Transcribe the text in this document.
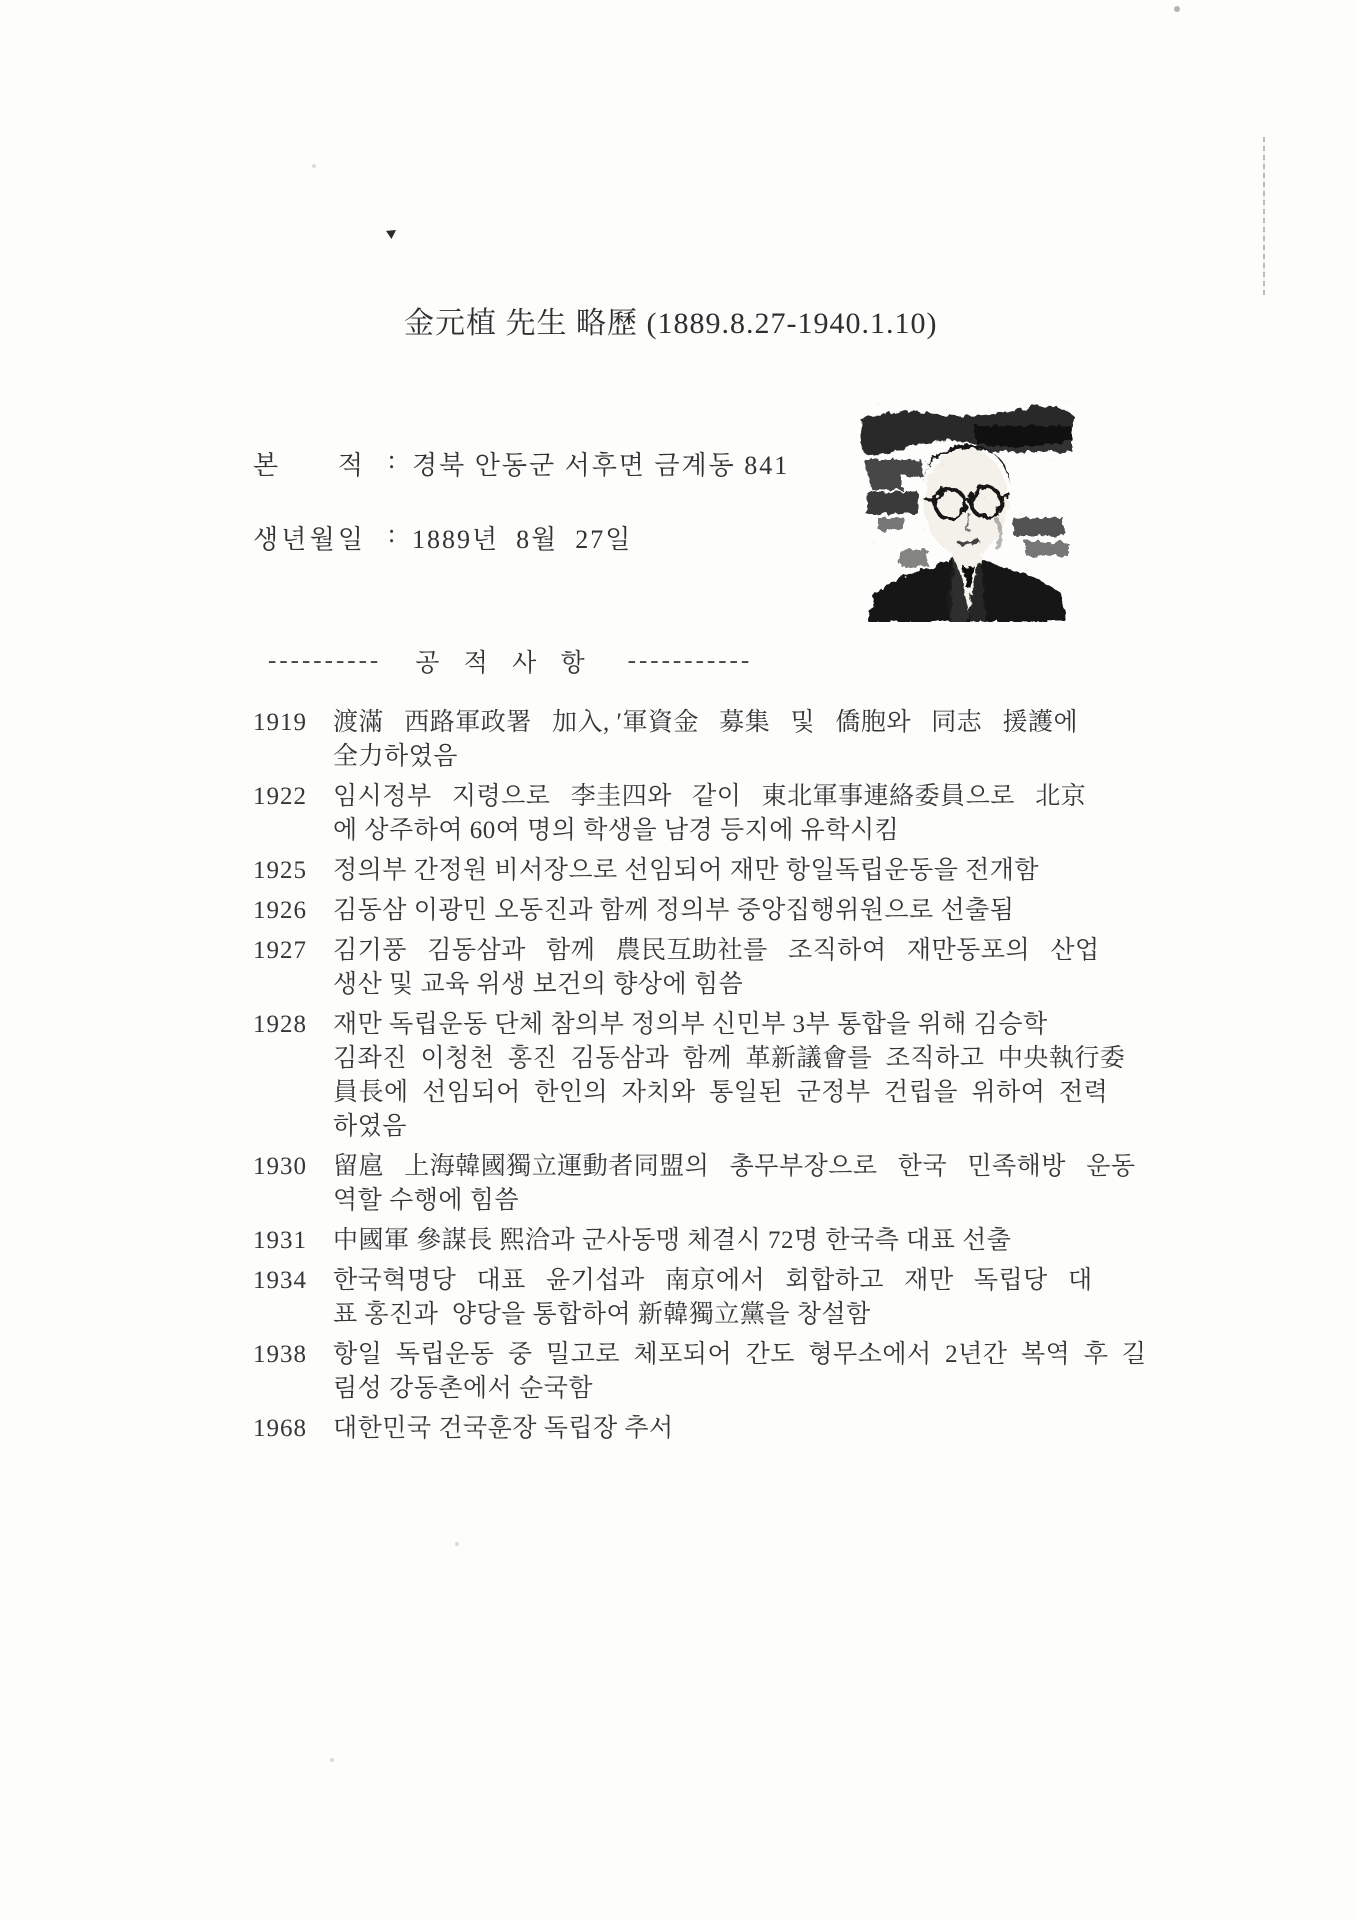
金元植 先生 略歷 (1889.8.27-1940.1.10)
본 적 : 경북 안동군 서후면 금계동 841
생 년 월 일 : 1889년  8월  27일
---------- 공 적 사 항 -----------
1919	渡滿   西路軍政署   加入, ′軍資金   募集   및   僑胞와   同志   援護에
全力하였음
1922	임시정부   지령으로   李圭四와   같이   東北軍事連絡委員으로   北京
에 상주하여 60여 명의 학생을 남경 등지에 유학시킴
1925	정의부 간정원 비서장으로 선임되어 재만 항일독립운동을 전개함
1926	김동삼 이광민 오동진과 함께 정의부 중앙집행위원으로 선출됨
1927	김기풍   김동삼과   함께   農民互助社를   조직하여   재만동포의   산업
생산 및 교육 위생 보건의 향상에 힘씀
1928	재만 독립운동 단체 참의부 정의부 신민부 3부 통합을 위해 김승학
김좌진  이청천  홍진  김동삼과  함께  革新議會를  조직하고  中央執行委
員長에  선임되어  한인의  자치와  통일된  군정부  건립을  위하여  전력
하였음
1930	留扈   上海韓國獨立運動者同盟의   총무부장으로   한국   민족해방   운동
역할 수행에 힘씀
1931	中國軍 參謀長 熙洽과 군사동맹 체결시 72명 한국측 대표 선출
1934	한국혁명당   대표   윤기섭과   南京에서   회합하고   재만   독립당   대
표 홍진과  양당을 통합하여 新韓獨立黨을 창설함
1938	항일  독립운동  중  밀고로  체포되어  간도  형무소에서  2년간  복역  후  길
림성 강동촌에서 순국함
1968	대한민국 건국훈장 독립장 추서
